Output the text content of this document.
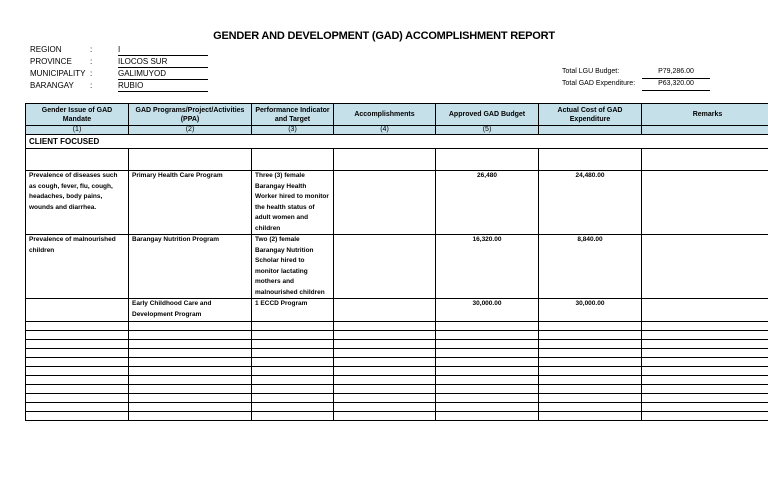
GENDER AND DEVELOPMENT (GAD) ACCOMPLISHMENT REPORT
REGION	:	I
PROVINCE :	ILOCOS SUR
MUNICIPALITY :	GALIMUYOD
BARANGAY :	RUBIO
Total LGU Budget:	P79,286.00
Total GAD Expenditure:	P63,320.00
Gender Issue of GAD Mandate	GAD Programs/Project/Activities (PPA)	Performance Indicator and Target	Accomplishments	Approved GAD Budget	Actual Cost of GAD Expenditure	Remarks
(1)	(2)	(3)	(4)	(5)		
CLIENT FOCUSED						

Prevalence of diseases such as cough, fever, flu, cough, headaches, body pains, wounds and diarrhea.	Primary Health Care Program	Three (3) female Barangay Health Worker hired to monitor the health status of adult women and children		26,480	24,480.00	
Prevalence of malnourished children	Barangay Nutrition Program	Two (2) female Barangay Nutrition Scholar hired to monitor lactating mothers and malnourished children		16,320.00	8,840.00	
	Early Childhood Care and Development Program	1 ECCD Program		30,000.00	30,000.00	
